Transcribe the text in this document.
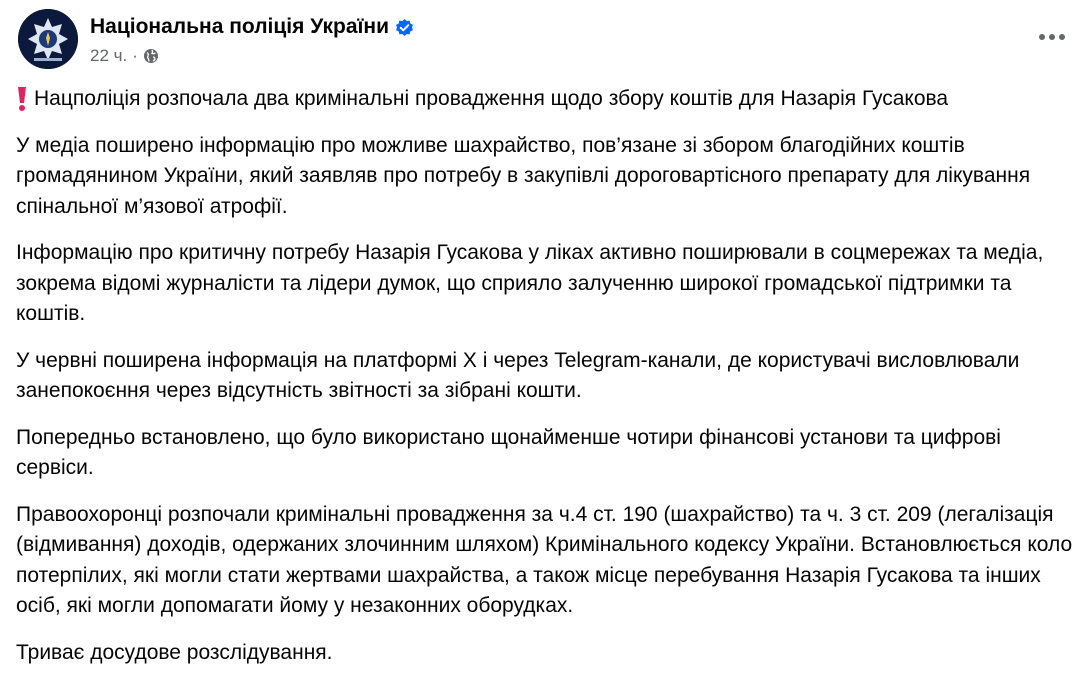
Національна поліція України
22 ч. ·

Нацполіція розпочала два кримінальні провадження щодо збору коштів для Назарія Гусакова

У медіа поширено інформацію про можливе шахрайство, пов’язане зі збором благодійних коштів громадянином України, який заявляв про потребу в закупівлі дороговартісного препарату для лікування спінальної м’язової атрофії.

Інформацію про критичну потребу Назарія Гусакова у ліках активно поширювали в соцмережах та медіа, зокрема відомі журналісти та лідери думок, що сприяло залученню широкої громадської підтримки та коштів.

У червні поширена інформація на платформі X і через Telegram-канали, де користувачі висловлювали занепокоєння через відсутність звітності за зібрані кошти.

Попередньо встановлено, що було використано щонайменше чотири фінансові установи та цифрові сервіси.

Правоохоронці розпочали кримінальні провадження за ч.4 ст. 190 (шахрайство) та ч. 3 ст. 209 (легалізація (відмивання) доходів, одержаних злочинним шляхом) Кримінального кодексу України. Встановлюється коло потерпілих, які могли стати жертвами шахрайства, а також місце перебування Назарія Гусакова та інших осіб, які могли допомагати йому у незаконних оборудках.

Триває досудове розслідування.
